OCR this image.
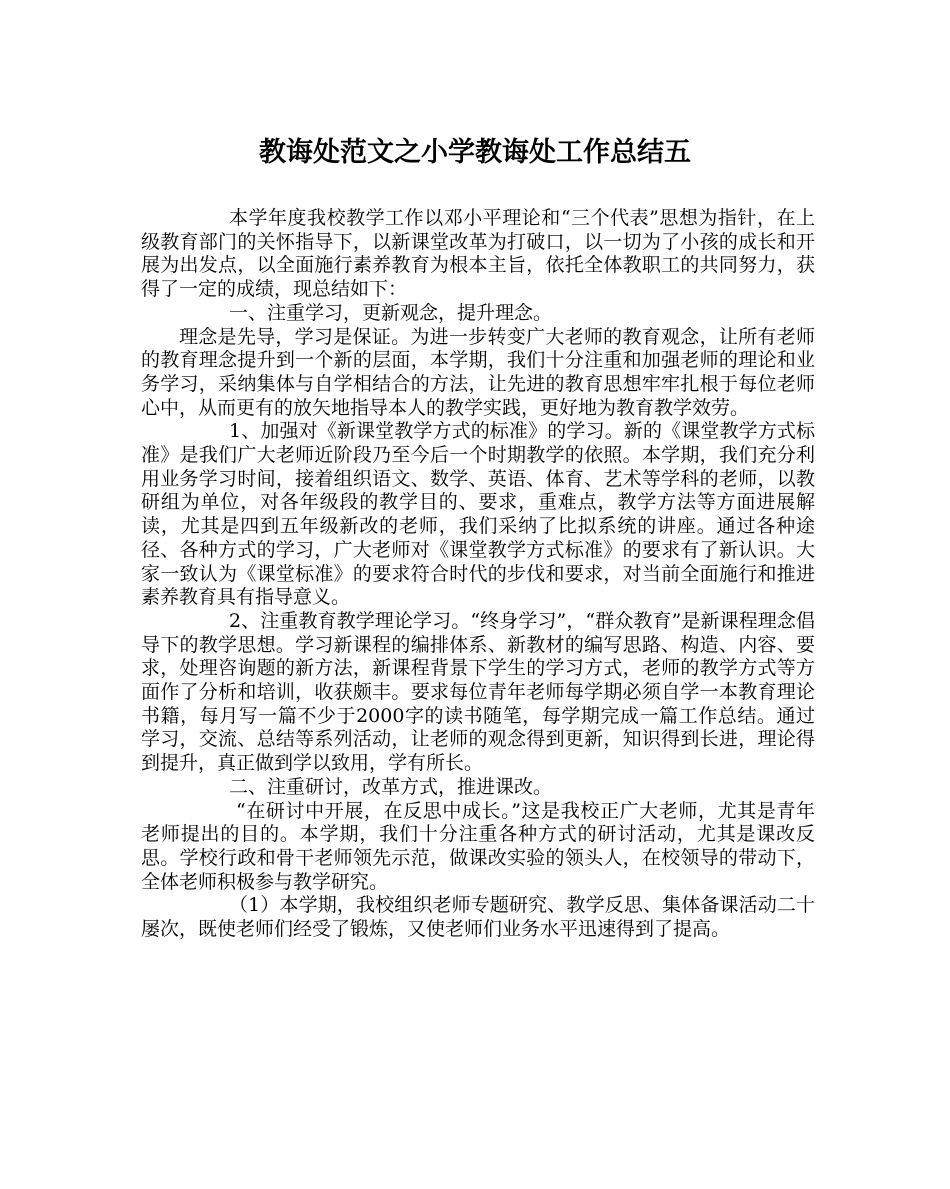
教诲处范文之小学教诲处工作总结五

本学年度我校教学工作以邓小平理论和“三个代表”思想为指针，在上级教育部门的关怀指导下，以新课堂改革为打破口，以一切为了小孩的成长和开展为出发点，以全面施行素养教育为根本主旨，依托全体教职工的共同努力，获得了一定的成绩，现总结如下：

一、注重学习，更新观念，提升理念。

理念是先导，学习是保证。为进一步转变广大老师的教育观念，让所有老师的教育理念提升到一个新的层面，本学期，我们十分注重和加强老师的理论和业务学习，采纳集体与自学相结合的方法，让先进的教育思想牢牢扎根于每位老师心中，从而更有的放矢地指导本人的教学实践，更好地为教育教学效劳。

1、加强对《新课堂教学方式的标准》的学习。新的《课堂教学方式标准》是我们广大老师近阶段乃至今后一个时期教学的依照。本学期，我们充分利用业务学习时间，接着组织语文、数学、英语、体育、艺术等学科的老师，以教研组为单位，对各年级段的教学目的、要求，重难点，教学方法等方面进展解读，尤其是四到五年级新改的老师，我们采纳了比拟系统的讲座。通过各种途径、各种方式的学习，广大老师对《课堂教学方式标准》的要求有了新认识。大家一致认为《课堂标准》的要求符合时代的步伐和要求，对当前全面施行和推进素养教育具有指导意义。

2、注重教育教学理论学习。“终身学习”，“群众教育”是新课程理念倡导下的教学思想。学习新课程的编排体系、新教材的编写思路、构造、内容、要求，处理咨询题的新方法，新课程背景下学生的学习方式，老师的教学方式等方面作了分析和培训，收获颇丰。要求每位青年老师每学期必须自学一本教育理论书籍，每月写一篇不少于2000字的读书随笔，每学期完成一篇工作总结。通过学习，交流、总结等系列活动，让老师的观念得到更新，知识得到长进，理论得到提升，真正做到学以致用，学有所长。

二、注重研讨，改革方式，推进课改。

“在研讨中开展，在反思中成长。”这是我校正广大老师，尤其是青年老师提出的目的。本学期，我们十分注重各种方式的研讨活动，尤其是课改反思。学校行政和骨干老师领先示范，做课改实验的领头人，在校领导的带动下，全体老师积极参与教学研究。

（1）本学期，我校组织老师专题研究、教学反思、集体备课活动二十屡次，既使老师们经受了锻炼，又使老师们业务水平迅速得到了提高。
